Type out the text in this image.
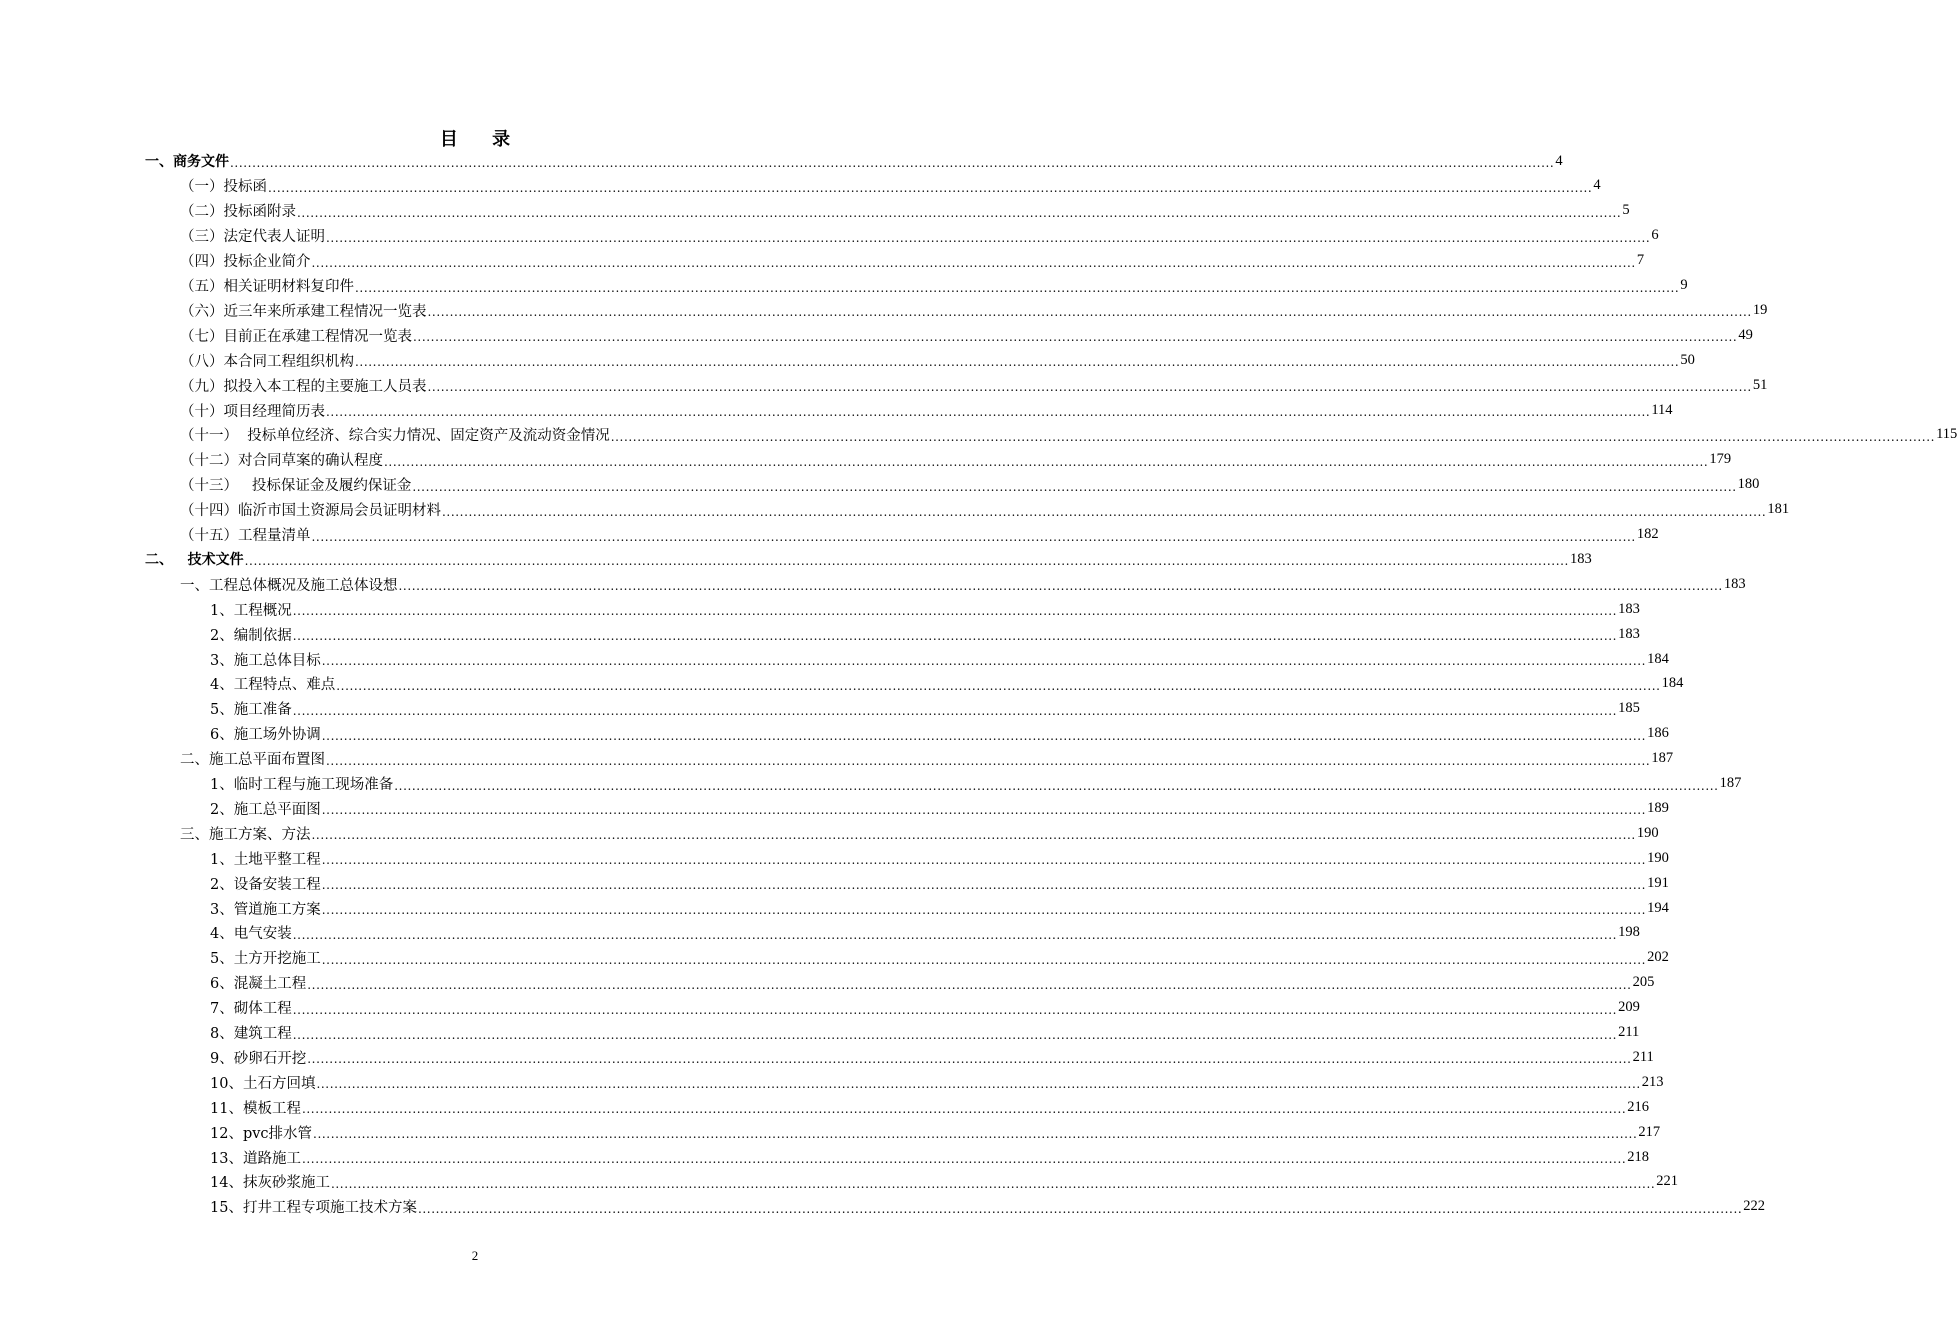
目 录
一、商务文件 ............................................................................................................................................................................................................................................................................................................ 4
（一）投标函 ............................................................................................................................................................................................................................................................................................................ 4
（二）投标函附录 ............................................................................................................................................................................................................................................................................................................ 5
（三）法定代表人证明 ............................................................................................................................................................................................................................................................................................................ 6
（四）投标企业简介 ............................................................................................................................................................................................................................................................................................................ 7
（五）相关证明材料复印件 ............................................................................................................................................................................................................................................................................................................ 9
（六）近三年来所承建工程情况一览表 ............................................................................................................................................................................................................................................................................................................ 19
（七）目前正在承建工程情况一览表 ............................................................................................................................................................................................................................................................................................................ 49
（八）本合同工程组织机构 ............................................................................................................................................................................................................................................................................................................ 50
（九）拟投入本工程的主要施工人员表 ............................................................................................................................................................................................................................................................................................................ 51
（十）项目经理简历表 ............................................................................................................................................................................................................................................................................................................ 114
（十一）  投标单位经济、综合实力情况、固定资产及流动资金情况 ............................................................................................................................................................................................................................................................................................................ 115
（十二）对合同草案的确认程度 ............................................................................................................................................................................................................................................................................................................ 179
（十三）   投标保证金及履约保证金 ............................................................................................................................................................................................................................................................................................................ 180
（十四）临沂市国土资源局会员证明材料 ............................................................................................................................................................................................................................................................................................................ 181
（十五）工程量清单 ............................................................................................................................................................................................................................................................................................................ 182
二、   技术文件 ............................................................................................................................................................................................................................................................................................................ 183
一、工程总体概况及施工总体设想 ............................................................................................................................................................................................................................................................................................................ 183
1、工程概况 ............................................................................................................................................................................................................................................................................................................ 183
2、编制依据 ............................................................................................................................................................................................................................................................................................................ 183
3、施工总体目标 ............................................................................................................................................................................................................................................................................................................ 184
4、工程特点、难点 ............................................................................................................................................................................................................................................................................................................ 184
5、施工准备 ............................................................................................................................................................................................................................................................................................................ 185
6、施工场外协调 ............................................................................................................................................................................................................................................................................................................ 186
二、施工总平面布置图 ............................................................................................................................................................................................................................................................................................................ 187
1、临时工程与施工现场准备 ............................................................................................................................................................................................................................................................................................................ 187
2、施工总平面图 ............................................................................................................................................................................................................................................................................................................ 189
三、施工方案、方法 ............................................................................................................................................................................................................................................................................................................ 190
1、土地平整工程 ............................................................................................................................................................................................................................................................................................................ 190
2、设备安装工程 ............................................................................................................................................................................................................................................................................................................ 191
3、管道施工方案 ............................................................................................................................................................................................................................................................................................................ 194
4、电气安装 ............................................................................................................................................................................................................................................................................................................ 198
5、土方开挖施工 ............................................................................................................................................................................................................................................................................................................ 202
6、混凝土工程 ............................................................................................................................................................................................................................................................................................................ 205
7、砌体工程 ............................................................................................................................................................................................................................................................................................................ 209
8、建筑工程 ............................................................................................................................................................................................................................................................................................................ 211
9、砂卵石开挖 ............................................................................................................................................................................................................................................................................................................ 211
10、土石方回填 ............................................................................................................................................................................................................................................................................................................ 213
11、模板工程 ............................................................................................................................................................................................................................................................................................................ 216
12、pvc排水管 ............................................................................................................................................................................................................................................................................................................ 217
13、道路施工 ............................................................................................................................................................................................................................................................................................................ 218
14、抹灰砂浆施工 ............................................................................................................................................................................................................................................................................................................ 221
15、打井工程专项施工技术方案 ............................................................................................................................................................................................................................................................................................................ 222
2
